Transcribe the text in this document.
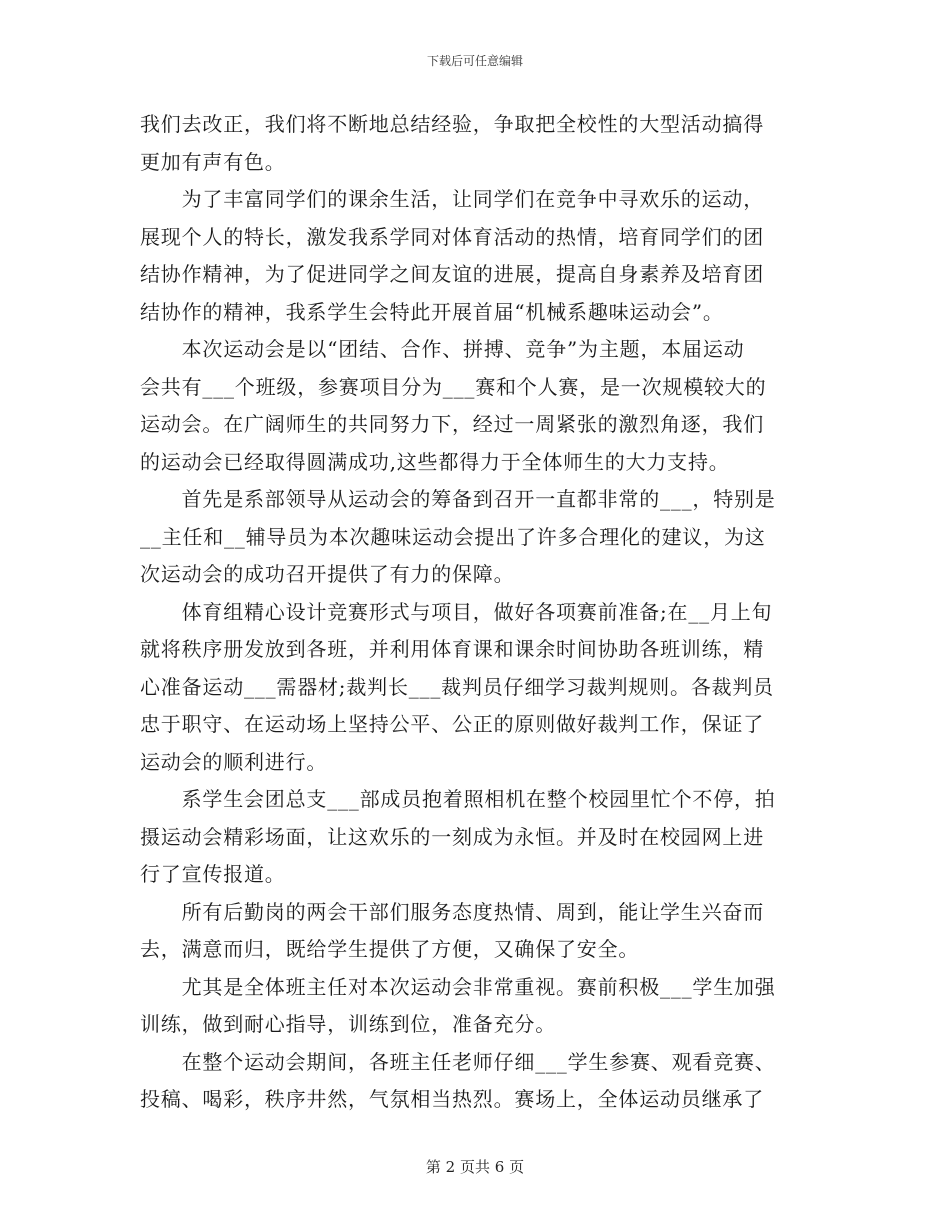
下载后可任意编辑
我们去改正，我们将不断地总结经验，争取把全校性的大型活动搞得
更加有声有色。
　　为了丰富同学们的课余生活，让同学们在竞争中寻欢乐的运动，
展现个人的特长，激发我系学同对体育活动的热情，培育同学们的团
结协作精神，为了促进同学之间友谊的进展，提高自身素养及培育团
结协作的精神，我系学生会特此开展首届“机械系趣味运动会”。
　　本次运动会是以“团结、合作、拼搏、竞争”为主题，本届运动
会共有___个班级，参赛项目分为___赛和个人赛，是一次规模较大的
运动会。在广阔师生的共同努力下，经过一周紧张的激烈角逐，我们
的运动会已经取得圆满成功,这些都得力于全体师生的大力支持。
　　首先是系部领导从运动会的筹备到召开一直都非常的___，特别是
__主任和__辅导员为本次趣味运动会提出了许多合理化的建议，为这
次运动会的成功召开提供了有力的保障。
　　体育组精心设计竞赛形式与项目，做好各项赛前准备;在__月上旬
就将秩序册发放到各班，并利用体育课和课余时间协助各班训练，精
心准备运动___需器材;裁判长___裁判员仔细学习裁判规则。各裁判员
忠于职守、在运动场上坚持公平、公正的原则做好裁判工作，保证了
运动会的顺利进行。
　　系学生会团总支___部成员抱着照相机在整个校园里忙个不停，拍
摄运动会精彩场面，让这欢乐的一刻成为永恒。并及时在校园网上进
行了宣传报道。
　　所有后勤岗的两会干部们服务态度热情、周到，能让学生兴奋而
去，满意而归，既给学生提供了方便，又确保了安全。
　　尤其是全体班主任对本次运动会非常重视。赛前积极___学生加强
训练，做到耐心指导，训练到位，准备充分。
　　在整个运动会期间，各班主任老师仔细___学生参赛、观看竞赛、
投稿、喝彩，秩序井然，气氛相当热烈。赛场上，全体运动员继承了
第 2 页共 6 页
